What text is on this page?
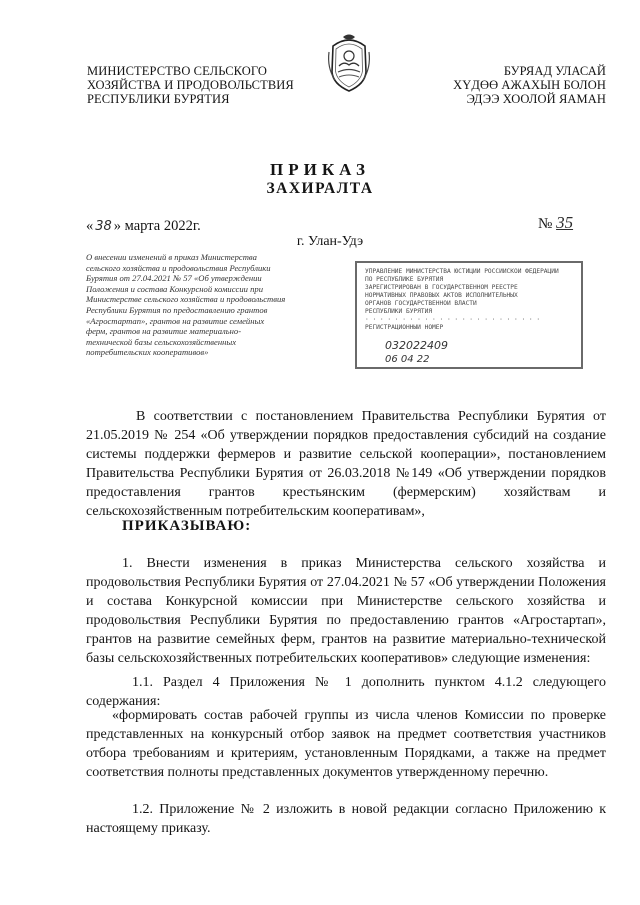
МИНИСТЕРСТВО СЕЛЬСКОГО
ХОЗЯЙСТВА И ПРОДОВОЛЬСТВИЯ
РЕСПУБЛИКИ БУРЯТИЯ
БУРЯАД УЛАСАЙ
ХҮДӨӨ АЖАХЫН БОЛОН
ЭДЭЭ ХООЛОЙ ЯАМАН
ПРИКАЗ
ЗАХИРАЛТА
« 38 » марта 2022г.	№ 35
г. Улан-Удэ
О внесении изменений в приказ Министерства сельского хозяйства и продовольствия Республики Бурятия от 27.04.2021 № 57 «Об утверждении Положения и состава Конкурсной комиссии при Министерстве сельского хозяйства и продовольствия Республики Бурятия по предоставлению грантов «Агростартап», грантов на развитие семейных ферм, грантов на развитие материально-технической базы сельскохозяйственных потребительских кооперативов»
УПРАВЛЕНИЕ МИНИСТЕРСТВА ЮСТИЦИИ РОССИЙСКОЙ ФЕДЕРАЦИИ
ПО РЕСПУБЛИКЕ БУРЯТИЯ
ЗАРЕГИСТРИРОВАН В ГОСУДАРСТВЕННОМ РЕЕСТРЕ
НОРМАТИВНЫХ ПРАВОВЫХ АКТОВ ИСПОЛНИТЕЛЬНЫХ
ОРГАНОВ ГОСУДАРСТВЕННОЙ ВЛАСТИ
РЕСПУБЛИКИ БУРЯТИЯ
· · · · · · · · · · · · · · · · · · · · · · · ·
РЕГИСТРАЦИОННЫЙ НОМЕР
032022409
06 04 22
В соответствии с постановлением Правительства Республики Бурятия от 21.05.2019 № 254 «Об утверждении порядков предоставления субсидий на создание системы поддержки фермеров и развитие сельской кооперации», постановлением Правительства Республики Бурятия от 26.03.2018 №149 «Об утверждении порядков предоставления грантов крестьянским (фермерским) хозяйствам и сельскохозяйственным потребительским кооперативам»,
ПРИКАЗЫВАЮ:
1. Внести изменения в приказ Министерства сельского хозяйства и продовольствия Республики Бурятия от 27.04.2021 № 57 «Об утверждении Положения и состава Конкурсной комиссии при Министерстве сельского хозяйства и продовольствия Республики Бурятия по предоставлению грантов «Агростартап», грантов на развитие семейных ферм, грантов на развитие материально-технической базы сельскохозяйственных потребительских кооперативов» следующие изменения:
1.1. Раздел 4 Приложения № 1 дополнить пунктом 4.1.2 следующего содержания:
«формировать состав рабочей группы из числа членов Комиссии по проверке представленных на конкурсный отбор заявок на предмет соответствия участников отбора требованиям и критериям, установленным Порядками, а также на предмет соответствия полноты представленных документов утвержденному перечню.
1.2. Приложение № 2 изложить в новой редакции согласно Приложению к настоящему приказу.
